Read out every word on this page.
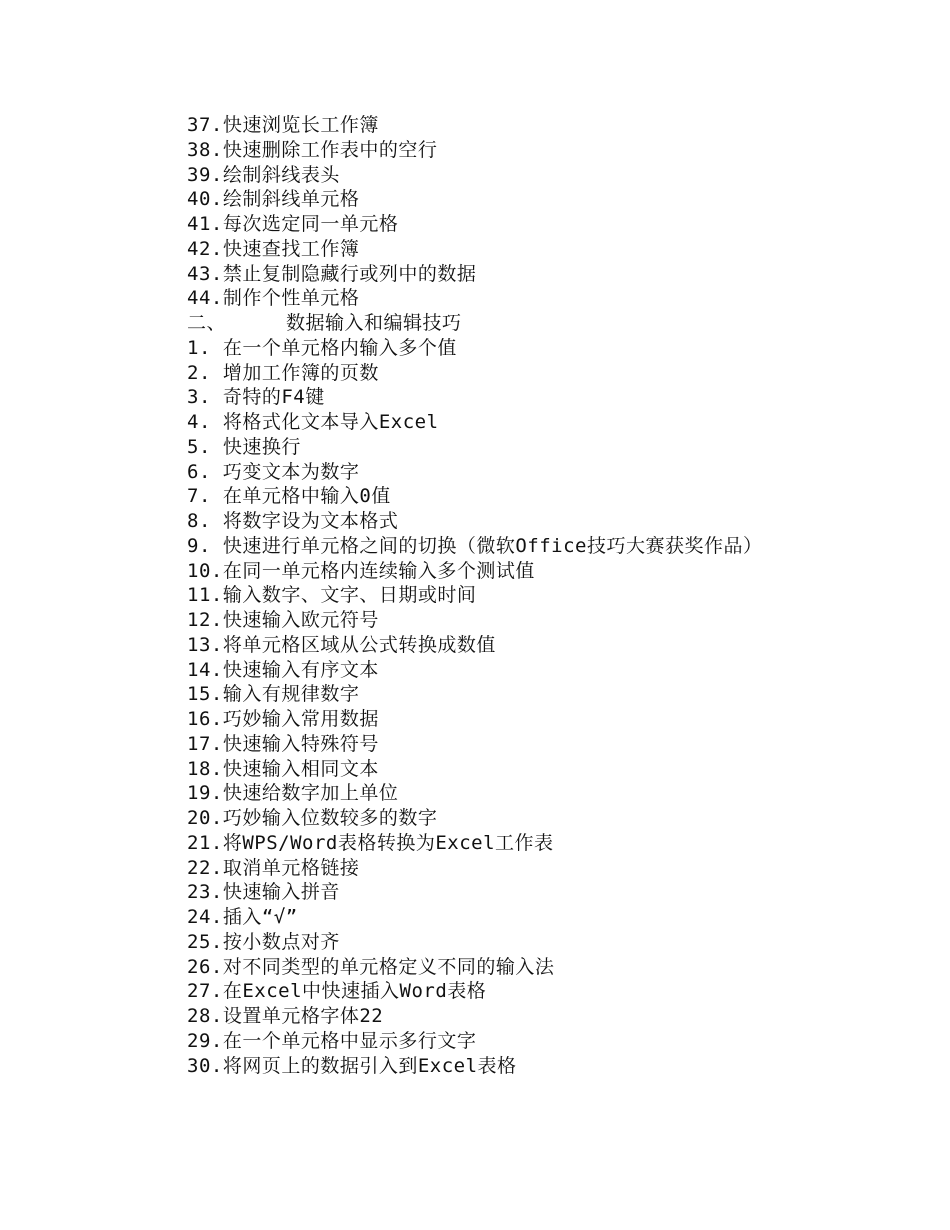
37.快速浏览长工作簿
38.快速删除工作表中的空行
39.绘制斜线表头
40.绘制斜线单元格
41.每次选定同一单元格
42.快速查找工作簿
43.禁止复制隐藏行或列中的数据
44.制作个性单元格
二、	数据输入和编辑技巧
1. 在一个单元格内输入多个值
2. 增加工作簿的页数
3. 奇特的F4键
4. 将格式化文本导入Excel
5. 快速换行
6. 巧变文本为数字
7. 在单元格中输入0值
8. 将数字设为文本格式
9. 快速进行单元格之间的切换（微软Office技巧大赛获奖作品）
10.在同一单元格内连续输入多个测试值
11.输入数字、文字、日期或时间
12.快速输入欧元符号
13.将单元格区域从公式转换成数值
14.快速输入有序文本
15.输入有规律数字
16.巧妙输入常用数据
17.快速输入特殊符号
18.快速输入相同文本
19.快速给数字加上单位
20.巧妙输入位数较多的数字
21.将WPS/Word表格转换为Excel工作表
22.取消单元格链接
23.快速输入拼音
24.插入“√”
25.按小数点对齐
26.对不同类型的单元格定义不同的输入法
27.在Excel中快速插入Word表格
28.设置单元格字体22
29.在一个单元格中显示多行文字
30.将网页上的数据引入到Excel表格
